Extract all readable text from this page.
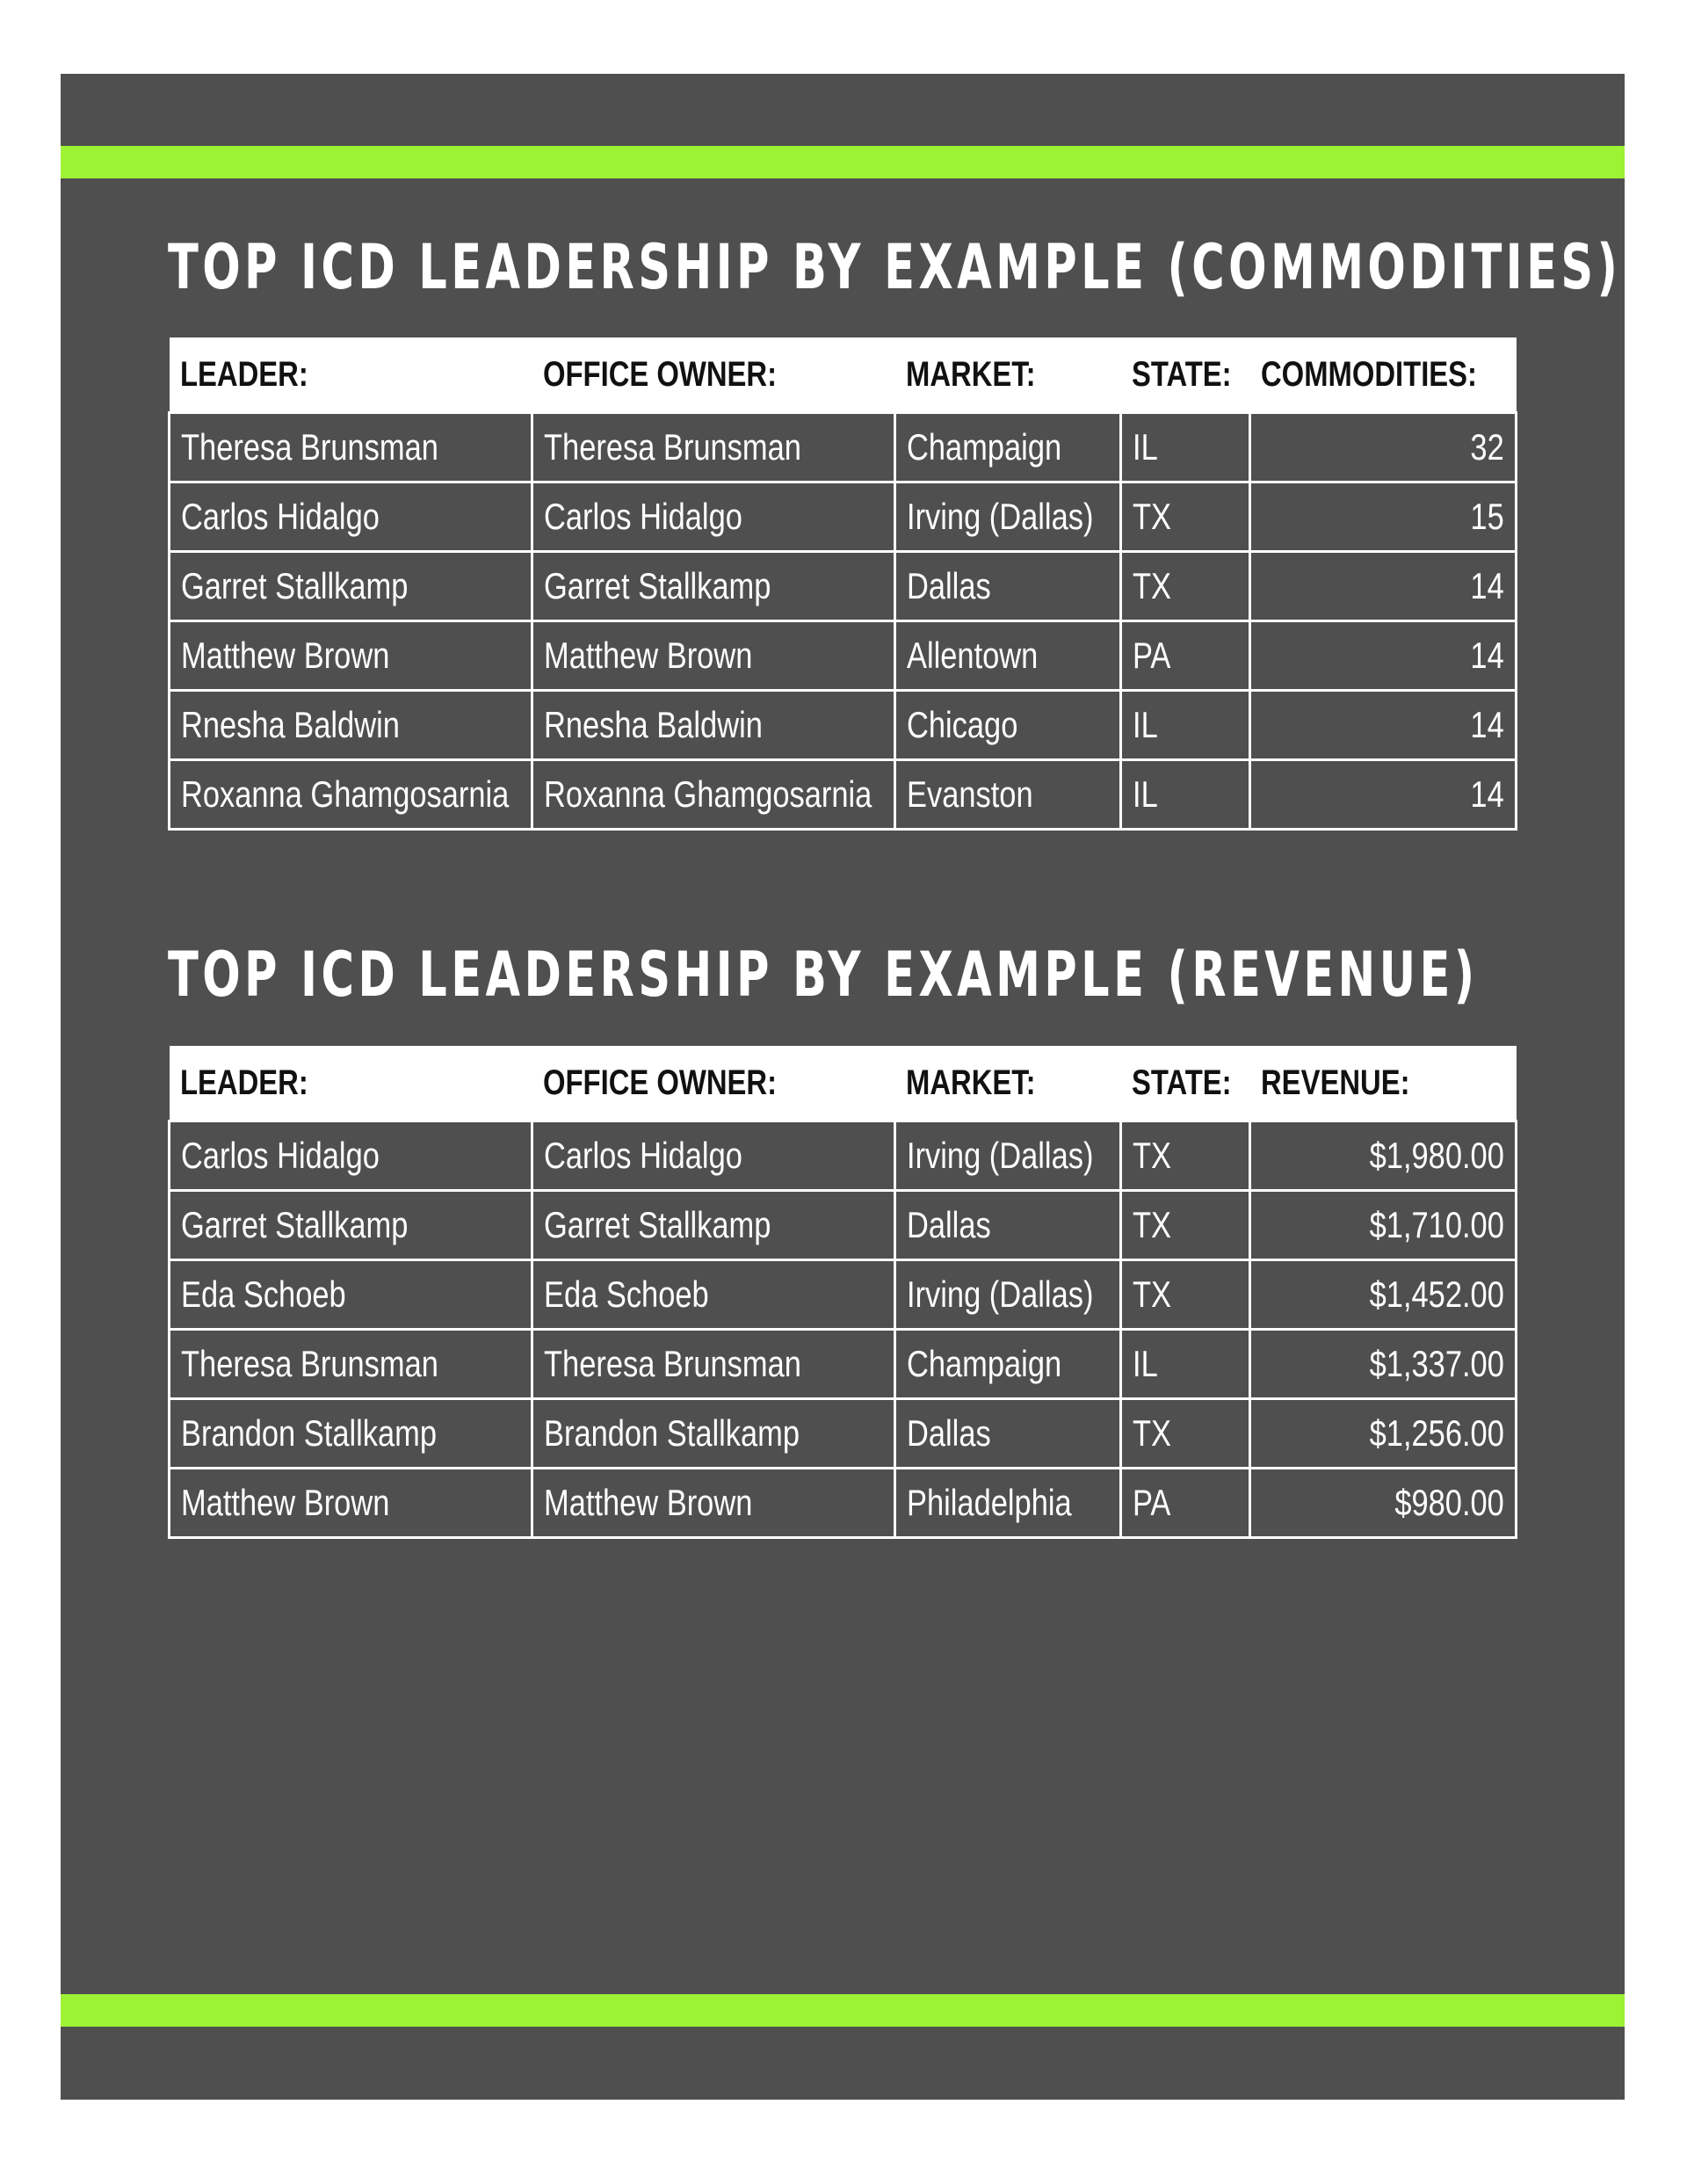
TOP ICD LEADERSHIP BY EXAMPLE (COMMODITIES)
LEADER:	OFFICE OWNER:	MARKET:	STATE:	COMMODITIES:
Theresa Brunsman	Theresa Brunsman	Champaign	IL	32
Carlos Hidalgo	Carlos Hidalgo	Irving (Dallas)	TX	15
Garret Stallkamp	Garret Stallkamp	Dallas	TX	14
Matthew Brown	Matthew Brown	Allentown	PA	14
Rnesha Baldwin	Rnesha Baldwin	Chicago	IL	14
Roxanna Ghamgosarnia	Roxanna Ghamgosarnia	Evanston	IL	14
TOP ICD LEADERSHIP BY EXAMPLE (REVENUE)
LEADER:	OFFICE OWNER:	MARKET:	STATE:	REVENUE:
Carlos Hidalgo	Carlos Hidalgo	Irving (Dallas)	TX	$1,980.00
Garret Stallkamp	Garret Stallkamp	Dallas	TX	$1,710.00
Eda Schoeb	Eda Schoeb	Irving (Dallas)	TX	$1,452.00
Theresa Brunsman	Theresa Brunsman	Champaign	IL	$1,337.00
Brandon Stallkamp	Brandon Stallkamp	Dallas	TX	$1,256.00
Matthew Brown	Matthew Brown	Philadelphia	PA	$980.00
